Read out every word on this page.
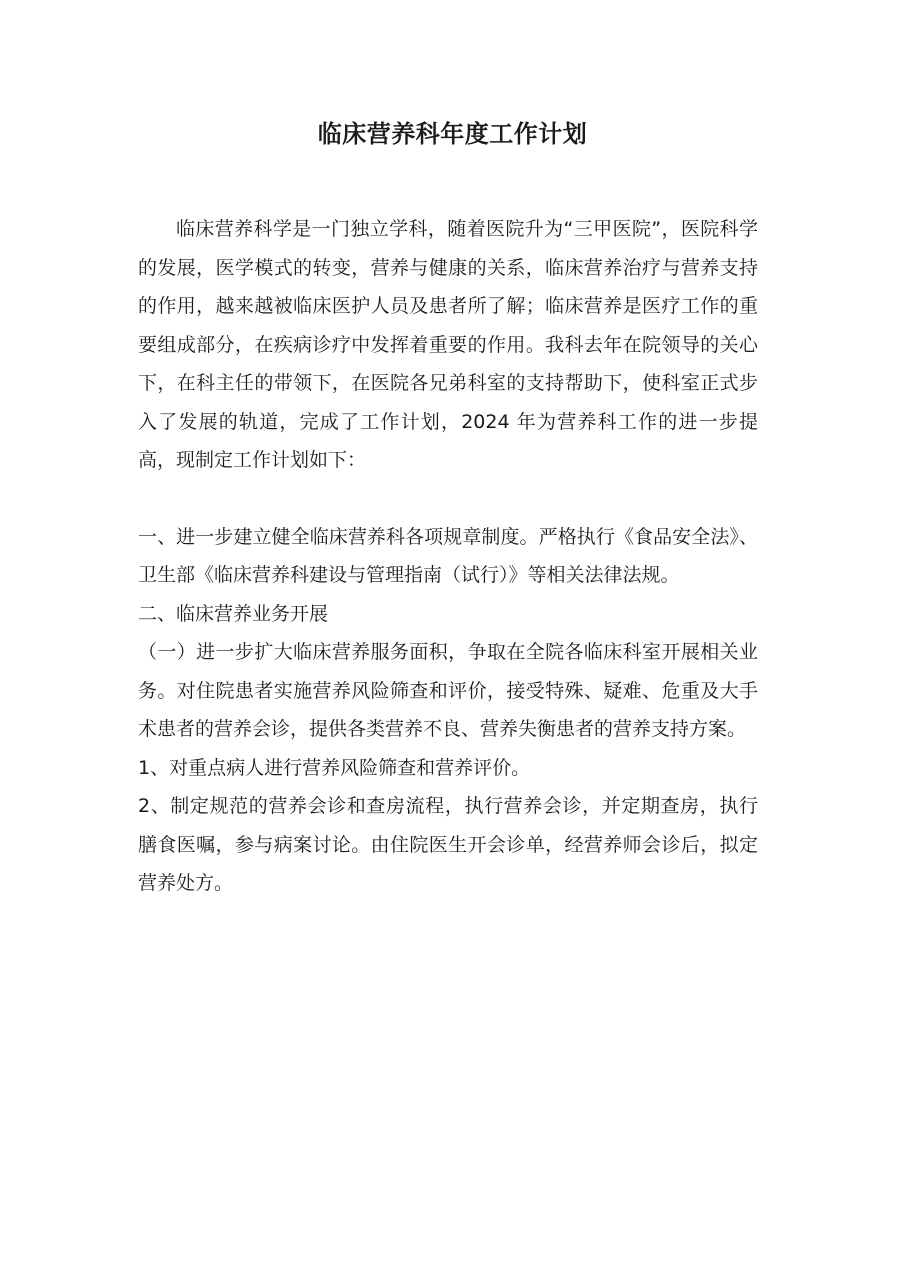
临床营养科年度工作计划

临床营养科学是一门独立学科，随着医院升为“三甲医院”，医院科学的发展，医学模式的转变，营养与健康的关系，临床营养治疗与营养支持的作用，越来越被临床医护人员及患者所了解；临床营养是医疗工作的重要组成部分，在疾病诊疗中发挥着重要的作用。我科去年在院领导的关心下，在科主任的带领下，在医院各兄弟科室的支持帮助下，使科室正式步入了发展的轨道，完成了工作计划，2024 年为营养科工作的进一步提高，现制定工作计划如下：

一、进一步建立健全临床营养科各项规章制度。严格执行《食品安全法》、卫生部《临床营养科建设与管理指南（试行）》等相关法律法规。

二、临床营养业务开展

（一）进一步扩大临床营养服务面积，争取在全院各临床科室开展相关业务。对住院患者实施营养风险筛查和评价，接受特殊、疑难、危重及大手术患者的营养会诊，提供各类营养不良、营养失衡患者的营养支持方案。

1、对重点病人进行营养风险筛查和营养评价。

2、制定规范的营养会诊和查房流程，执行营养会诊，并定期查房，执行膳食医嘱，参与病案讨论。由住院医生开会诊单，经营养师会诊后，拟定营养处方。
